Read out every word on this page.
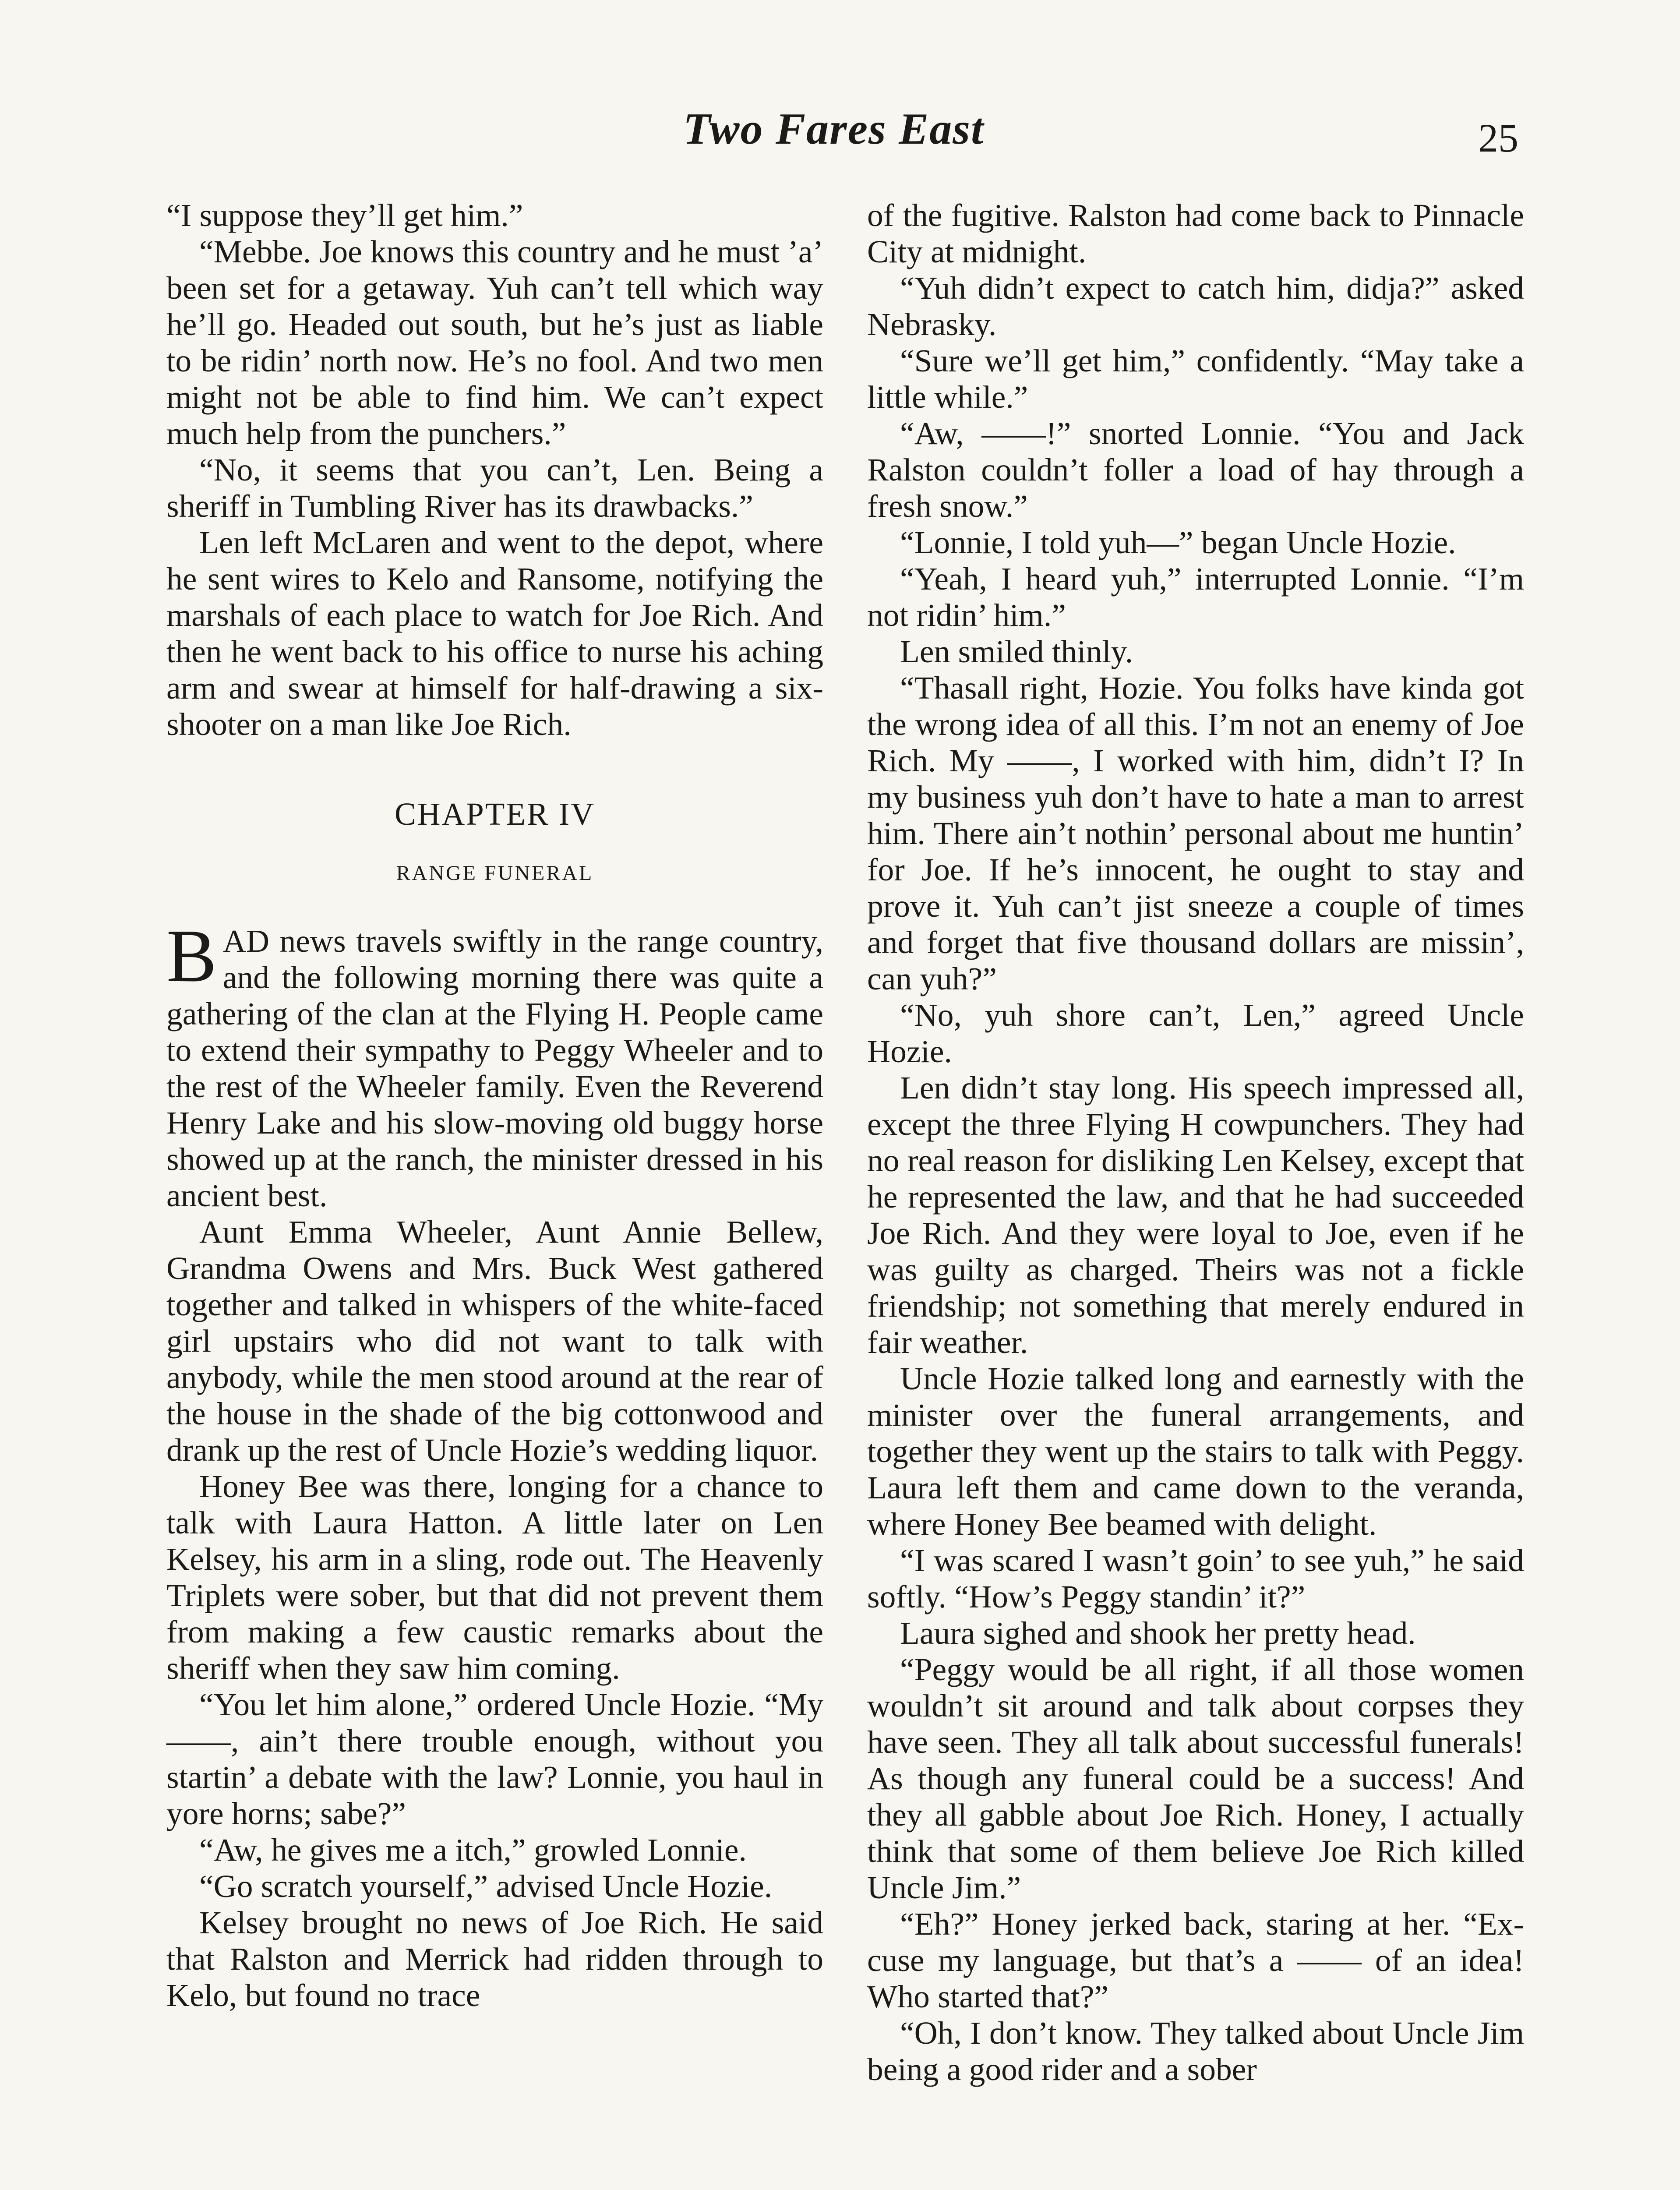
Two Fares East	25

“I suppose they’ll get him.”

“Mebbe. Joe knows this country and he must ’a’ been set for a getaway. Yuh can’t tell which way he’ll go. Headed out south, but he’s just as liable to be ridin’ north now. He’s no fool. And two men might not be able to find him. We can’t expect much help from the punchers.”

“No, it seems that you can’t, Len. Being a sheriff in Tumbling River has its drawbacks.”

Len left McLaren and went to the depot, where he sent wires to Kelo and Ransome, notifying the marshals of each place to watch for Joe Rich. And then he went back to his office to nurse his aching arm and swear at himself for half-drawing a six-shooter on a man like Joe Rich.

CHAPTER IV
RANGE FUNERAL

BAD news travels swiftly in the range country, and the following morning there was quite a gathering of the clan at the Flying H. People came to extend their sympathy to Peggy Wheeler and to the rest of the Wheeler family. Even the Reverend Henry Lake and his slow-moving old buggy horse showed up at the ranch, the minister dressed in his ancient best.

Aunt Emma Wheeler, Aunt Annie Bellew, Grandma Owens and Mrs. Buck West gathered together and talked in whispers of the white-faced girl upstairs who did not want to talk with anybody, while the men stood around at the rear of the house in the shade of the big cottonwood and drank up the rest of Uncle Hozie’s wedding liquor.

Honey Bee was there, longing for a chance to talk with Laura Hatton. A little later on Len Kelsey, his arm in a sling, rode out. The Heavenly Triplets were sober, but that did not prevent them from making a few caustic remarks about the sheriff when they saw him coming.

“You let him alone,” ordered Uncle Hozie. “My ——, ain’t there trouble enough, without you startin’ a debate with the law? Lonnie, you haul in yore horns; sabe?”

“Aw, he gives me a itch,” growled Lonnie.

“Go scratch yourself,” advised Uncle Hozie.

Kelsey brought no news of Joe Rich. He said that Ralston and Merrick had ridden through to Kelo, but found no trace

of the fugitive. Ralston had come back to Pinnacle City at midnight.

“Yuh didn’t expect to catch him, didja?” asked Nebrasky.

“Sure we’ll get him,” confidently. “May take a little while.”

“Aw, ——!” snorted Lonnie. “You and Jack Ralston couldn’t foller a load of hay through a fresh snow.”

“Lonnie, I told yuh—” began Uncle Hozie.

“Yeah, I heard yuh,” interrupted Lonnie. “I’m not ridin’ him.”

Len smiled thinly.

“Thasall right, Hozie. You folks have kinda got the wrong idea of all this. I’m not an enemy of Joe Rich. My ——, I worked with him, didn’t I? In my business yuh don’t have to hate a man to arrest him. There ain’t nothin’ personal about me huntin’ for Joe. If he’s innocent, he ought to stay and prove it. Yuh can’t jist sneeze a couple of times and forget that five thousand dollars are missin’, can yuh?”

“No, yuh shore can’t, Len,” agreed Uncle Hozie.

Len didn’t stay long. His speech impressed all, except the three Flying H cowpunchers. They had no real reason for disliking Len Kelsey, except that he represented the law, and that he had succeeded Joe Rich. And they were loyal to Joe, even if he was guilty as charged. Theirs was not a fickle friendship; not something that merely endured in fair weather.

Uncle Hozie talked long and earnestly with the minister over the funeral arrangements, and together they went up the stairs to talk with Peggy. Laura left them and came down to the veranda, where Honey Bee beamed with delight.

“I was scared I wasn’t goin’ to see yuh,” he said softly. “How’s Peggy standin’ it?”

Laura sighed and shook her pretty head.

“Peggy would be all right, if all those women wouldn’t sit around and talk about corpses they have seen. They all talk about successful funerals! As though any funeral could be a success! And they all gabble about Joe Rich. Honey, I actually think that some of them believe Joe Rich killed Uncle Jim.”

“Eh?” Honey jerked back, staring at her. “Ex-cuse my language, but that’s a —— of an idea! Who started that?”

“Oh, I don’t know. They talked about Uncle Jim being a good rider and a sober
